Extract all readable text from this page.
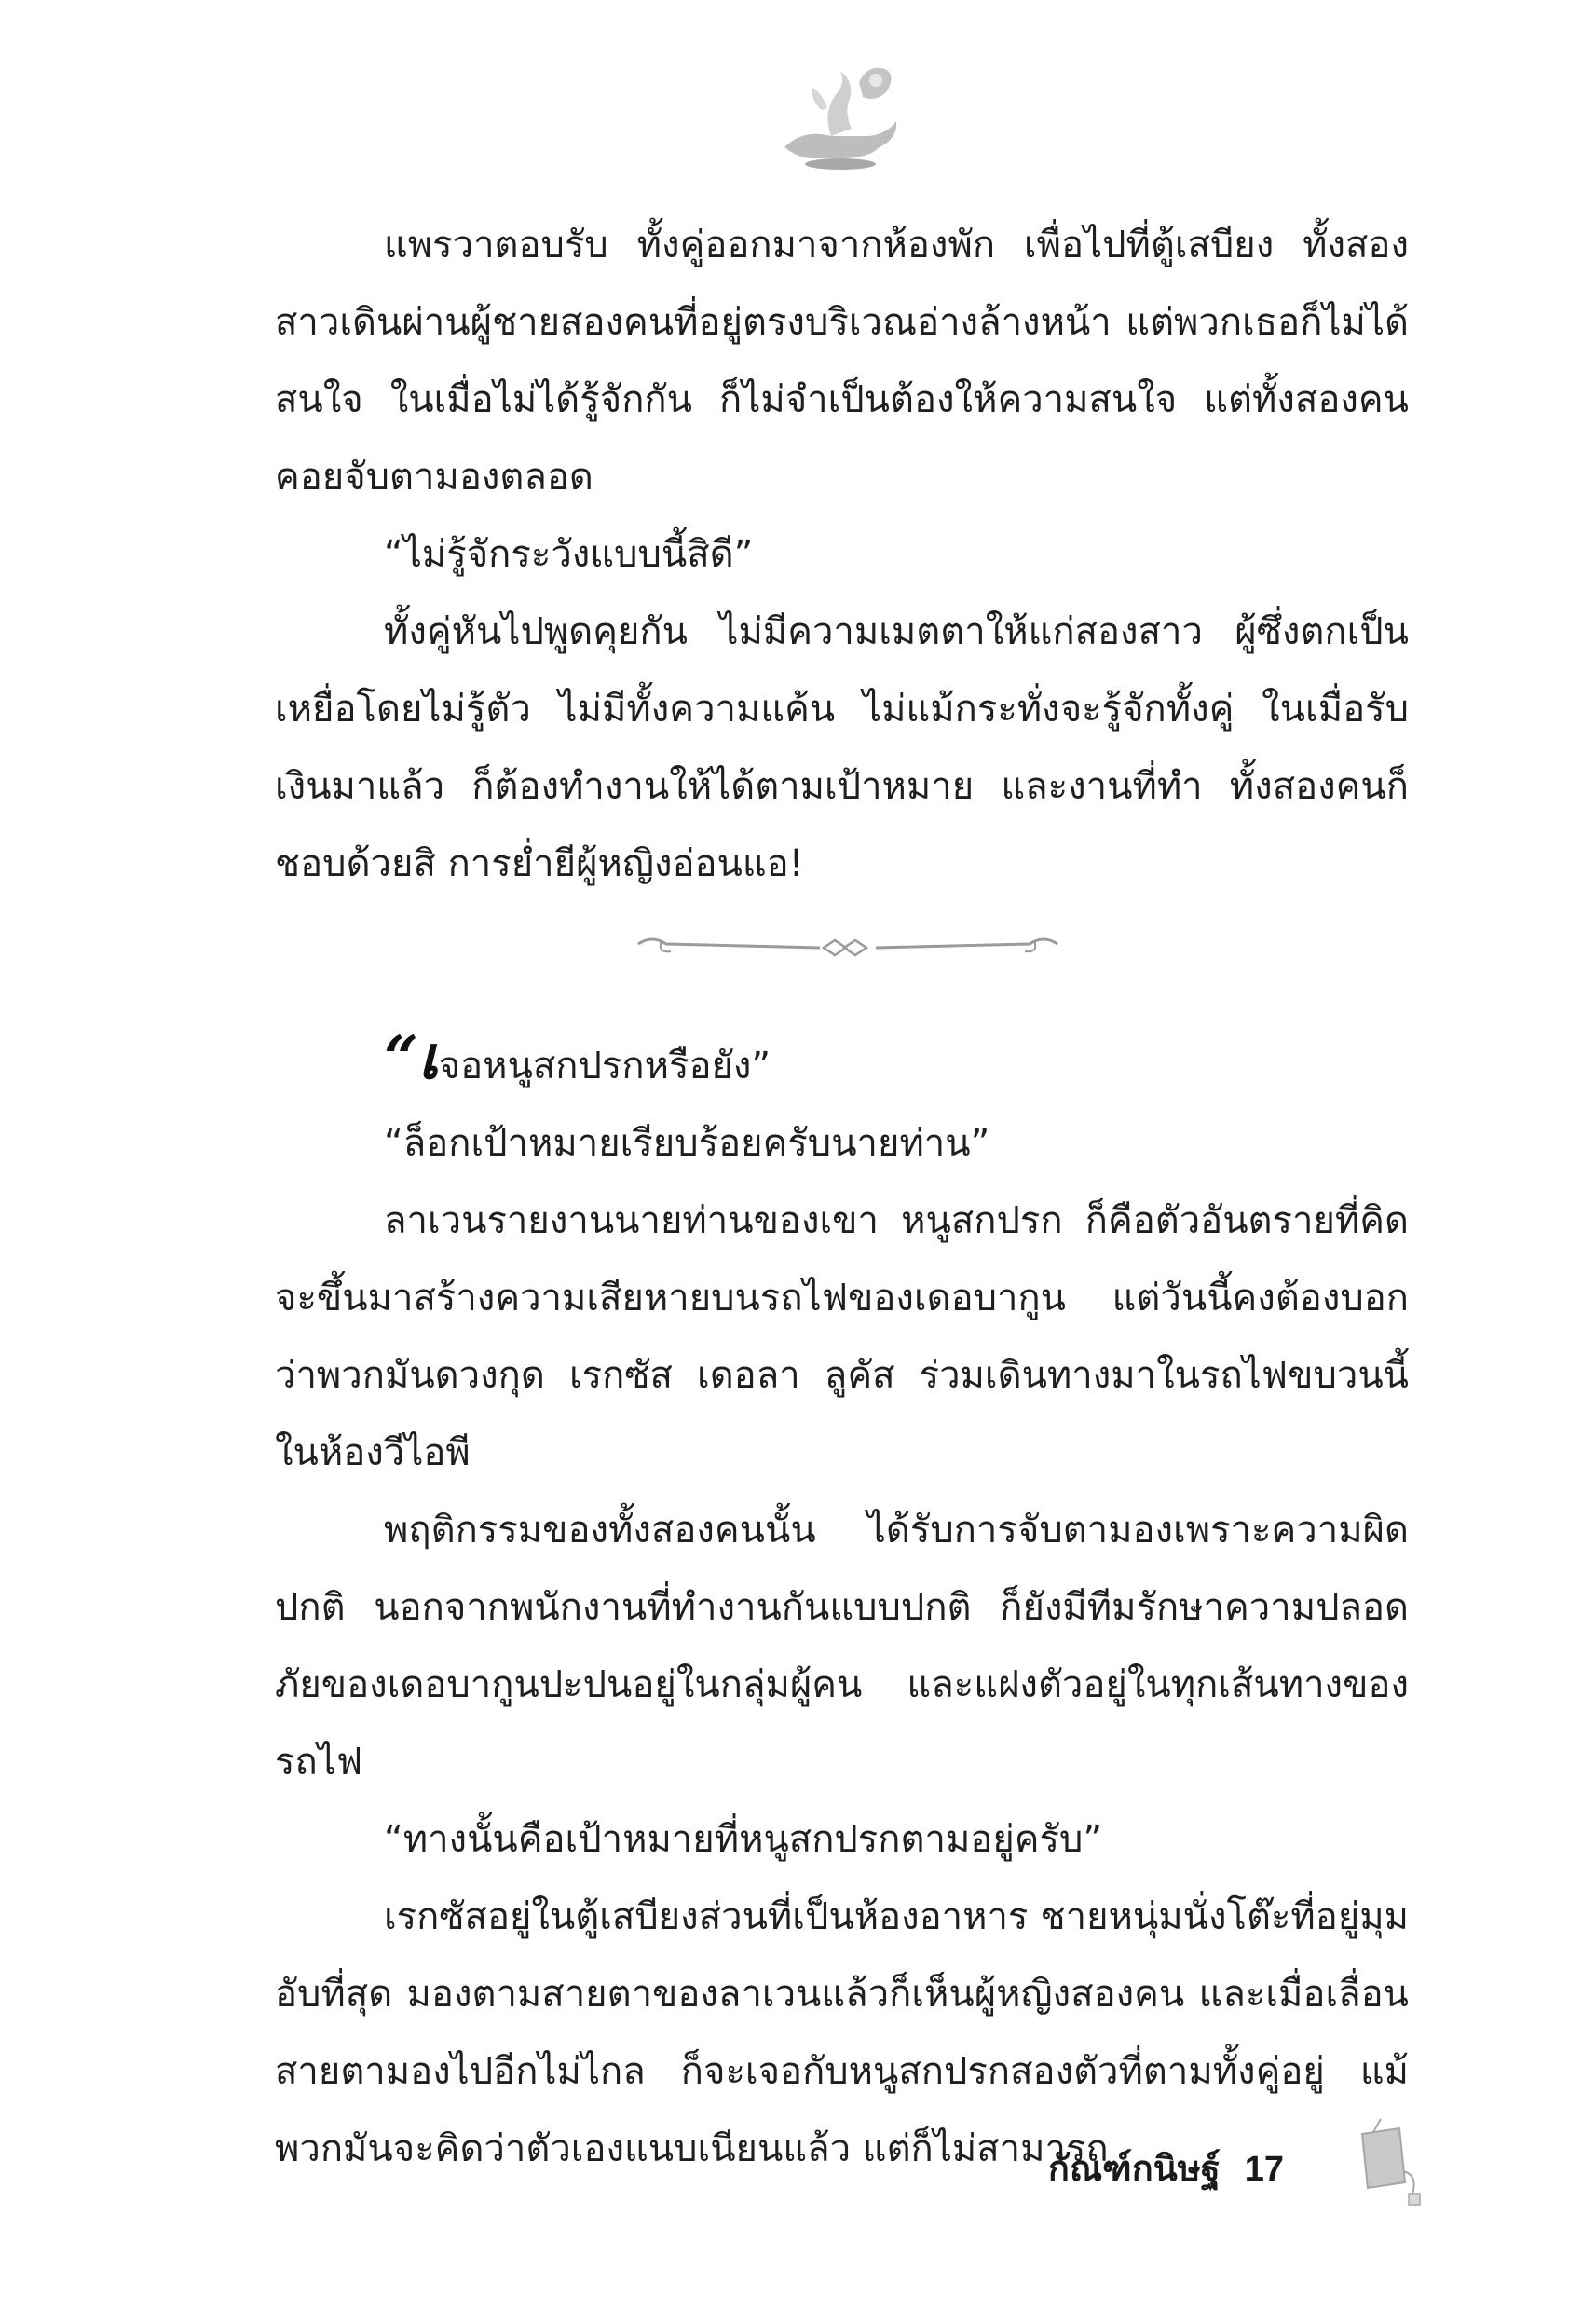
แพรวาตอบรับ ทั้งคู่ออกมาจากห้องพัก เพื่อไปที่ตู้เสบียง ทั้งสองสาวเดินผ่านผู้ชายสองคนที่อยู่ตรงบริเวณอ่างล้างหน้า แต่พวกเธอก็ไม่ได้สนใจ ในเมื่อไม่ได้รู้จักกัน ก็ไม่จำเป็นต้องให้ความสนใจ แต่ทั้งสองคนคอยจับตามองตลอด

“ไม่รู้จักระวังแบบนี้สิดี”

ทั้งคู่หันไปพูดคุยกัน ไม่มีความเมตตาให้แก่สองสาว ผู้ซึ่งตกเป็นเหยื่อโดยไม่รู้ตัว ไม่มีทั้งความแค้น ไม่แม้กระทั่งจะรู้จักทั้งคู่ ในเมื่อรับเงินมาแล้ว ก็ต้องทำงานให้ได้ตามเป้าหมาย และงานที่ทำ ทั้งสองคนก็ชอบด้วยสิ การย่ำยีผู้หญิงอ่อนแอ!

“เจอหนูสกปรกหรือยัง”

“ล็อกเป้าหมายเรียบร้อยครับนายท่าน”

ลาเวนรายงานนายท่านของเขา หนูสกปรก ก็คือตัวอันตรายที่คิดจะขึ้นมาสร้างความเสียหายบนรถไฟของเดอบากูน แต่วันนี้คงต้องบอกว่าพวกมันดวงกุด เรกซัส เดอลา ลูคัส ร่วมเดินทางมาในรถไฟขบวนนี้ ในห้องวีไอพี

พฤติกรรมของทั้งสองคนนั้น ได้รับการจับตามองเพราะความผิดปกติ นอกจากพนักงานที่ทำงานกันแบบปกติ ก็ยังมีทีมรักษาความปลอดภัยของเดอบากูนปะปนอยู่ในกลุ่มผู้คน และแฝงตัวอยู่ในทุกเส้นทางของรถไฟ

“ทางนั้นคือเป้าหมายที่หนูสกปรกตามอยู่ครับ”

เรกซัสอยู่ในตู้เสบียงส่วนที่เป็นห้องอาหาร ชายหนุ่มนั่งโต๊ะที่อยู่มุมอับที่สุด มองตามสายตาของลาเวนแล้วก็เห็นผู้หญิงสองคน และเมื่อเลื่อนสายตามองไปอีกไม่ไกล ก็จะเจอกับหนูสกปรกสองตัวที่ตามทั้งคู่อยู่ แม้พวกมันจะคิดว่าตัวเองแนบเนียนแล้ว แต่ก็ไม่สามารถ

กัณฑ์กนิษฐ์ 17
